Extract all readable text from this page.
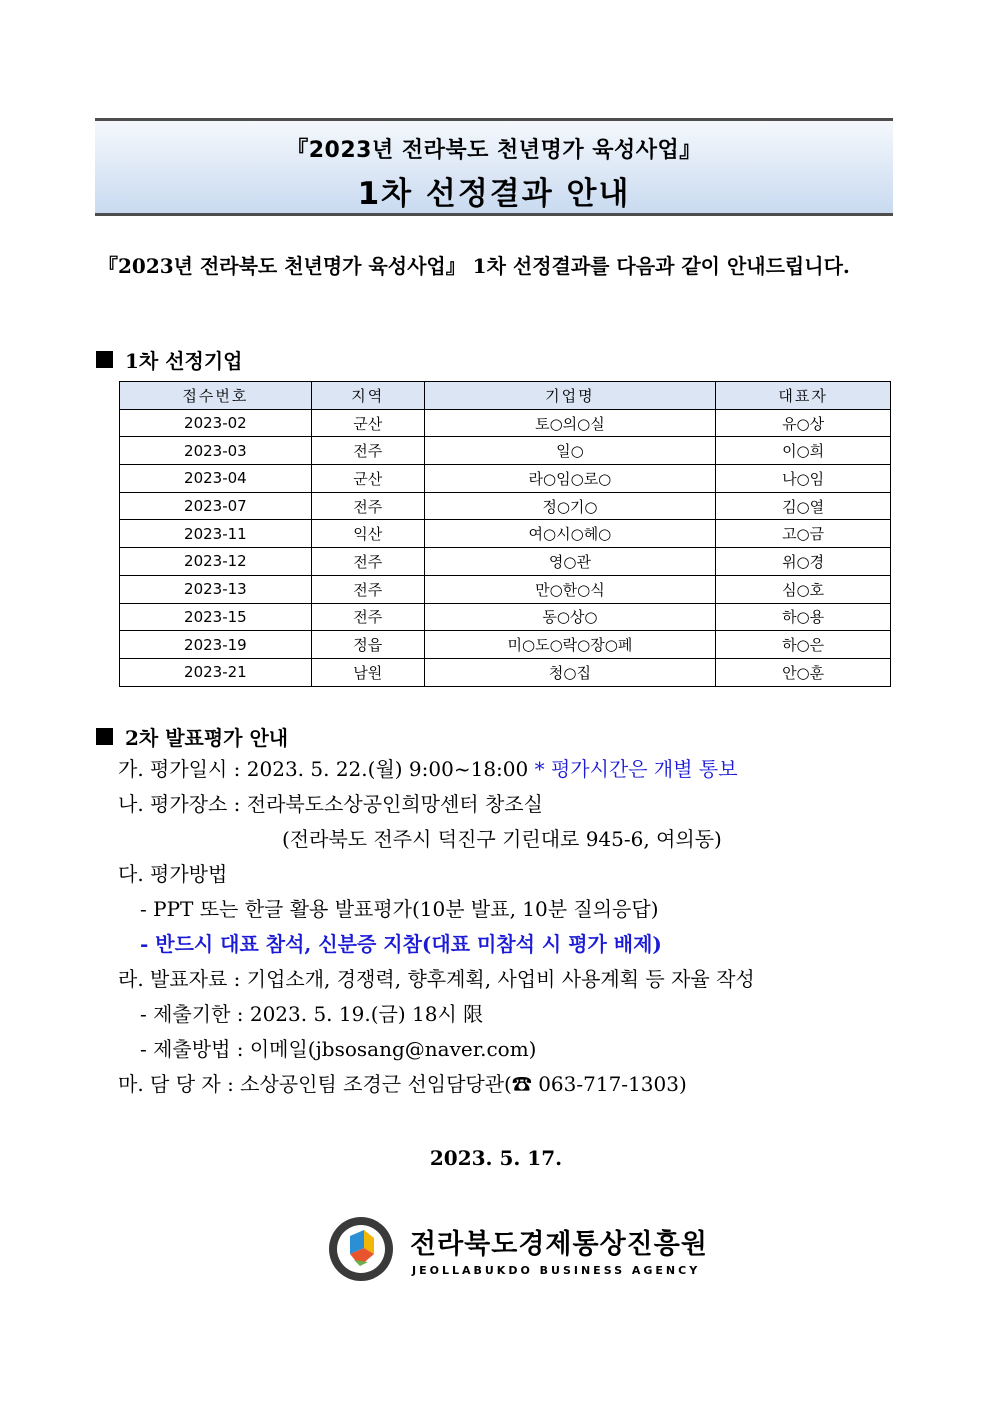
『2023년 전라북도 천년명가 육성사업』
1차 선정결과 안내
『2023년 전라북도 천년명가 육성사업』 1차 선정결과를 다음과 같이 안내드립니다.
1차 선정기업
접수번호	지역	기업명	대표자
2023-02	군산	토○의○실	유○상
2023-03	전주	일○	이○희
2023-04	군산	라○임○로○	나○임
2023-07	전주	정○기○	김○열
2023-11	익산	여○시○헤○	고○금
2023-12	전주	영○관	위○경
2023-13	전주	만○한○식	심○호
2023-15	전주	동○상○	하○용
2023-19	정읍	미○도○락○장○페	하○은
2023-21	남원	청○집	안○훈
2차 발표평가 안내
가. 평가일시 : 2023. 5. 22.(월) 9:00~18:00 * 평가시간은 개별 통보
나. 평가장소 : 전라북도소상공인희망센터 창조실
(전라북도 전주시 덕진구 기린대로 945-6, 여의동)
다. 평가방법
- PPT 또는 한글 활용 발표평가(10분 발표, 10분 질의응답)
- 반드시 대표 참석, 신분증 지참(대표 미참석 시 평가 배제)
라. 발표자료 : 기업소개, 경쟁력, 향후계획, 사업비 사용계획 등 자율 작성
- 제출기한 : 2023. 5. 19.(금) 18시 限
- 제출방법 : 이메일(jbsosang@naver.com)
마. 담 당 자 : 소상공인팀 조경근 선임담당관(☎ 063-717-1303)
2023. 5. 17.
전라북도경제통상진흥원
JEOLLABUKDO BUSINESS AGENCY
